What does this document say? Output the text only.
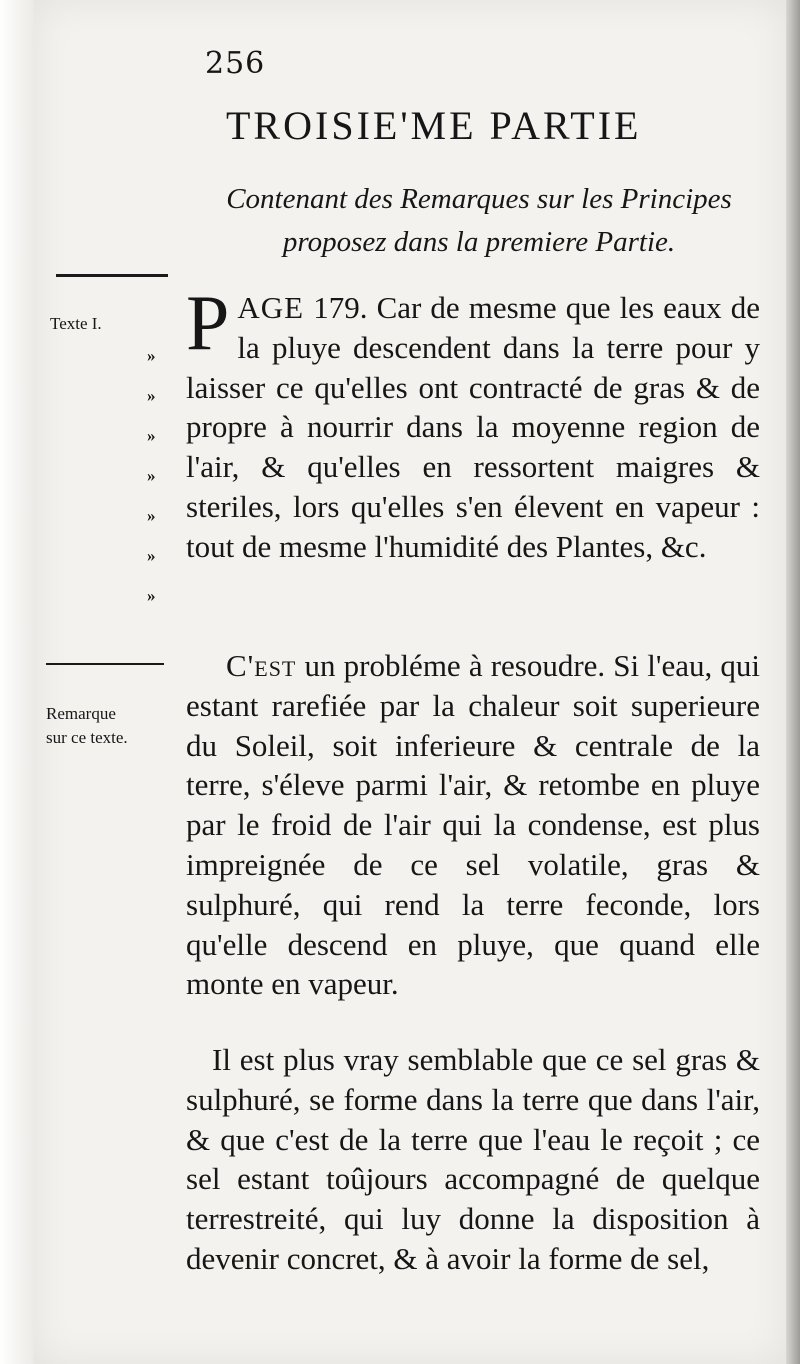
256
TROISIE'ME PARTIE
Contenant des Remarques sur les Principes proposez dans la premiere Partie.
Texte I.
»
»
»
»
»
»
»
PAGE 179. Car de mesme que les eaux de la pluye descendent dans la terre pour y laisser ce qu'elles ont contracté de gras & de propre à nourrir dans la moyenne region de l'air, & qu'elles en ressortent maigres & steriles, lors qu'elles s'en élevent en vapeur : tout de mesme l'humidité des Plantes, &c.
Remarque
sur ce texte.
C'est un probléme à resoudre. Si l'eau, qui estant rarefiée par la chaleur soit superieure du Soleil, soit inferieure & centrale de la terre, s'éleve parmi l'air, & retombe en pluye par le froid de l'air qui la condense, est plus impreignée de ce sel volatile, gras & sulphuré, qui rend la terre feconde, lors qu'elle descend en pluye, que quand elle monte en vapeur.
Il est plus vray semblable que ce sel gras & sulphuré, se forme dans la terre que dans l'air, & que c'est de la terre que l'eau le reçoit ; ce sel estant toûjours accompagné de quelque terrestreité, qui luy donne la disposition à devenir concret, & à avoir la forme de sel,
